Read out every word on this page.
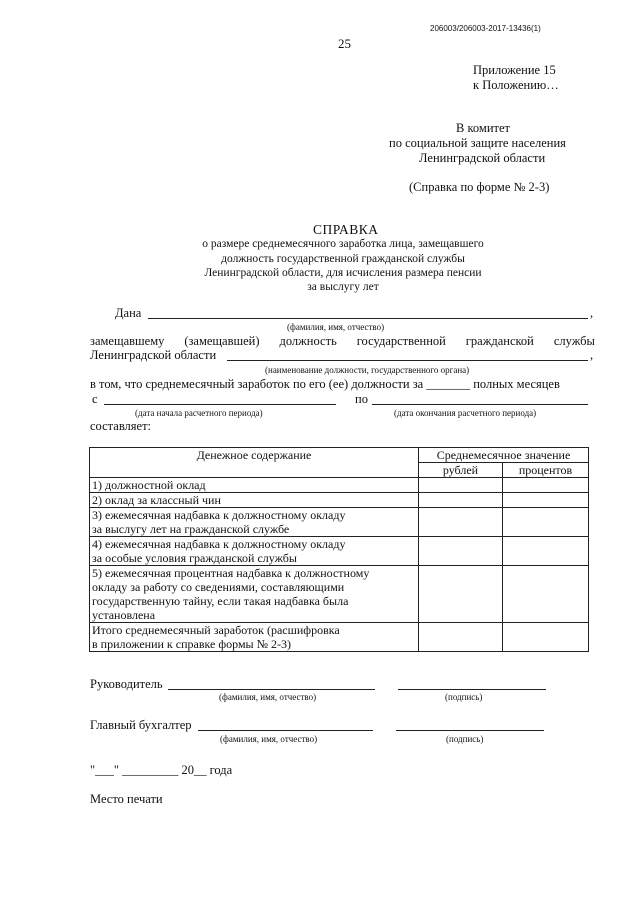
206003/206003-2017-13436(1)
25
Приложение 15
к Положению…
В комитет
по социальной защите населения
Ленинградской области
(Справка по форме № 2-3)
СПРАВКА
о размере среднемесячного заработка лица, замещавшего
должность государственной гражданской службы
Ленинградской области, для исчисления размера пенсии
за выслугу лет
Дана	,
(фамилия, имя, отчество)
замещавшему (замещавшей) должность государственной гражданской службы
Ленинградской области	,
(наименование должности, государственного органа)
в том, что среднемесячный заработок по его (ее) должности за _______ полных месяцев
с	по
(дата начала расчетного периода)	(дата окончания расчетного периода)
составляет:
Денежное содержание	Среднемесячное значение	
	рублей	процентов

1) должностной оклад		

2) оклад за классный чин		

3) ежемесячная надбавка к должностному окладу
за выслугу лет на гражданской службе		

4) ежемесячная надбавка к должностному окладу
за особые условия гражданской службы		

5) ежемесячная процентная надбавка к должностному
окладу за работу со сведениями, составляющими
государственную тайну, если такая надбавка была
установлена		

Итого среднемесячный заработок (расшифровка
в приложении к справке формы № 2-3)		

Руководитель
(фамилия, имя, отчество)	(подпись)
Главный бухгалтер
(фамилия, имя, отчество)	(подпись)
"___" _________ 20__ года
Место печати
